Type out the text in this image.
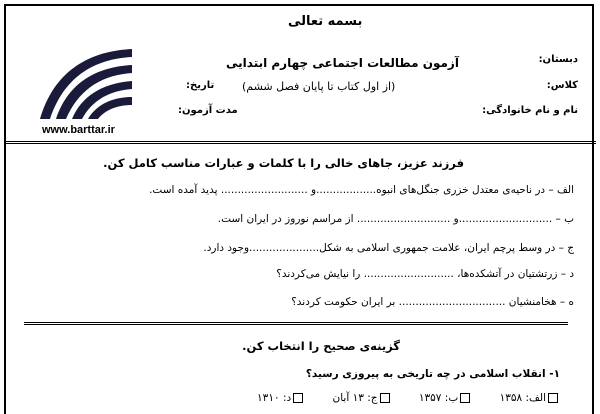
بسمه تعالی
آزمون مطالعات اجتماعی چهارم ابتدایی
(از اول کتاب تا پایان فصل ششم)
دبستان:
کلاس:
نام و نام خانوادگی:
تاریخ:
مدت آزمون:
www.barttar.ir
فرزند عزیز، جاهای خالی را با کلمات و عبارات مناسب کامل کن.
الف – در ناحیه‌ی معتدل خزری جنگل‌های انبوه..................و .......................... پدید آمده است.
ب – ............................و ............................ از مراسم نوروز در ایران است.
ج – در وسط پرچم ایران، علامت جمهوری اسلامی به شکل.....................وجود دارد.
د – زرتشتیان در آتشکده‌ها، ........................... را نیایش می‌کردند؟
ه – هخامنشیان ................................ بر ایران حکومت کردند؟
گزینه‌ی صحیح را انتخاب کن.
۱- انقلاب اسلامی در چه تاریخی به پیروزی رسید؟
الف: ۱۳۵۸ ب: ۱۳۵۷ ج: ۱۳ آبان د: ۱۳۱۰
